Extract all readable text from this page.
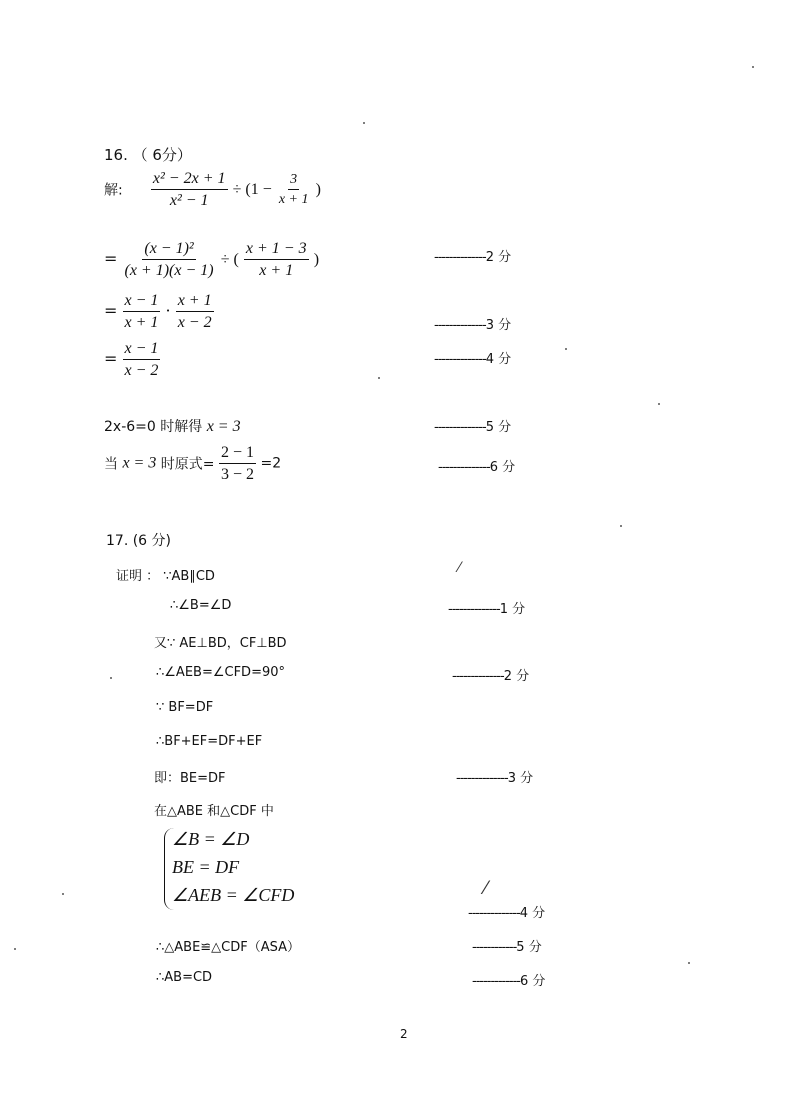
⁄
⁄
16. （ 6分）
解: $\frac{\text{x² − 2x + 1}}{\text{x² − 1}} \div (1 - \frac{3}{x + 1}$ )
= $\frac{\text{(x − 1)²}}{(x + 1)(x - 1)}$ ÷ ( $\frac{x + 1 - 3}{x + 1}$ )	--------------2 分
= $\frac{x - 1}{x + 1} \cdot \frac{x + 1}{x - 2}$	--------------3 分
= $\frac{x - 1}{x - 2}$	--------------4 分
2x-6=0 时解得 x = 3	--------------5 分
当 x = 3 时原式= $\frac{2 - 1}{3 - 2} =2$	--------------6 分
17. (6 分)
证明 ： ∵AB∥CD
∴∠B=∠D	--------------1 分
又∵ AE⊥BD，CF⊥BD
∴∠AEB=∠CFD=90°	--------------2 分
∵ BF=DF
∴BF+EF=DF+EF
即：BE=DF	--------------3 分
在△ABE 和△CDF 中
∠B = ∠D
BE = DF
∠AEB = ∠CFD
--------------4 分
∴△ABE≌△CDF（ASA）	------------5 分
∴AB=CD	-------------6 分
2
